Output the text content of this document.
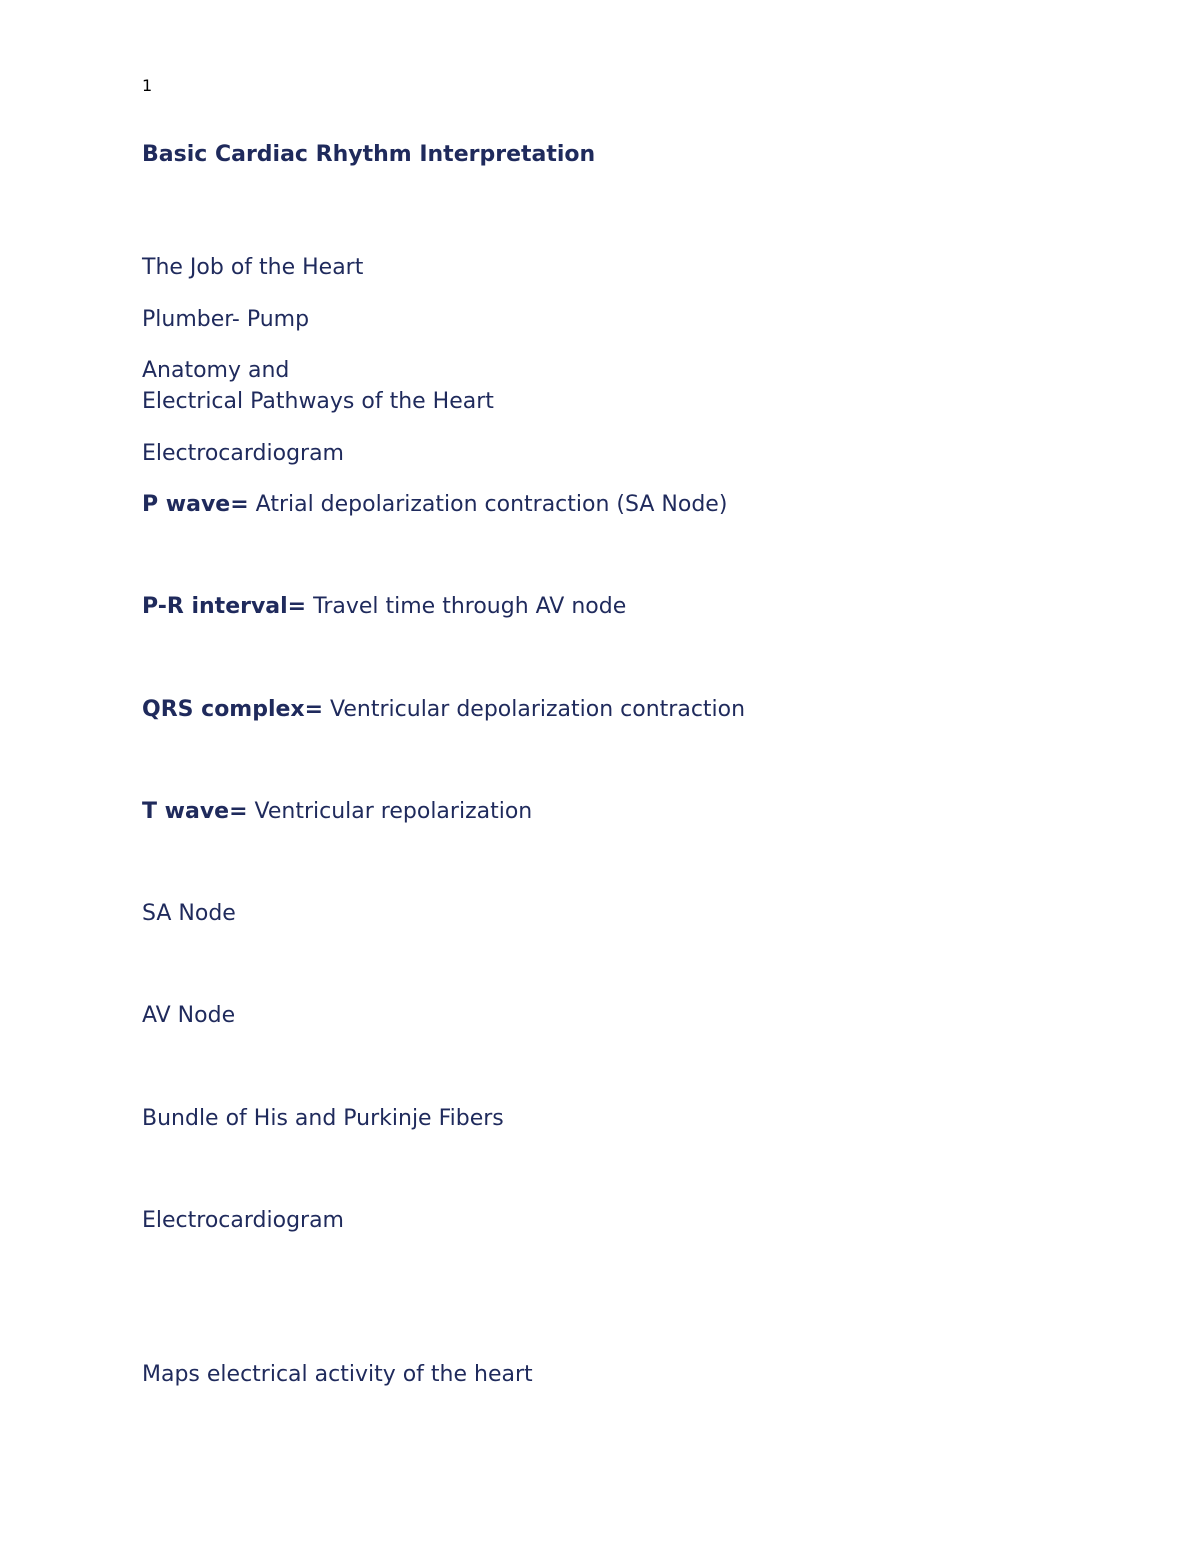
1
Basic Cardiac Rhythm Interpretation

The Job of the Heart

Plumber- Pump

Anatomy and

Electrical Pathways of the Heart

Electrocardiogram

P wave= Atrial depolarization contraction (SA Node)

P-R interval= Travel time through AV node

QRS complex= Ventricular depolarization contraction

T wave= Ventricular repolarization

SA Node

AV Node

Bundle of His and Purkinje Fibers

Electrocardiogram

Maps electrical activity of the heart
